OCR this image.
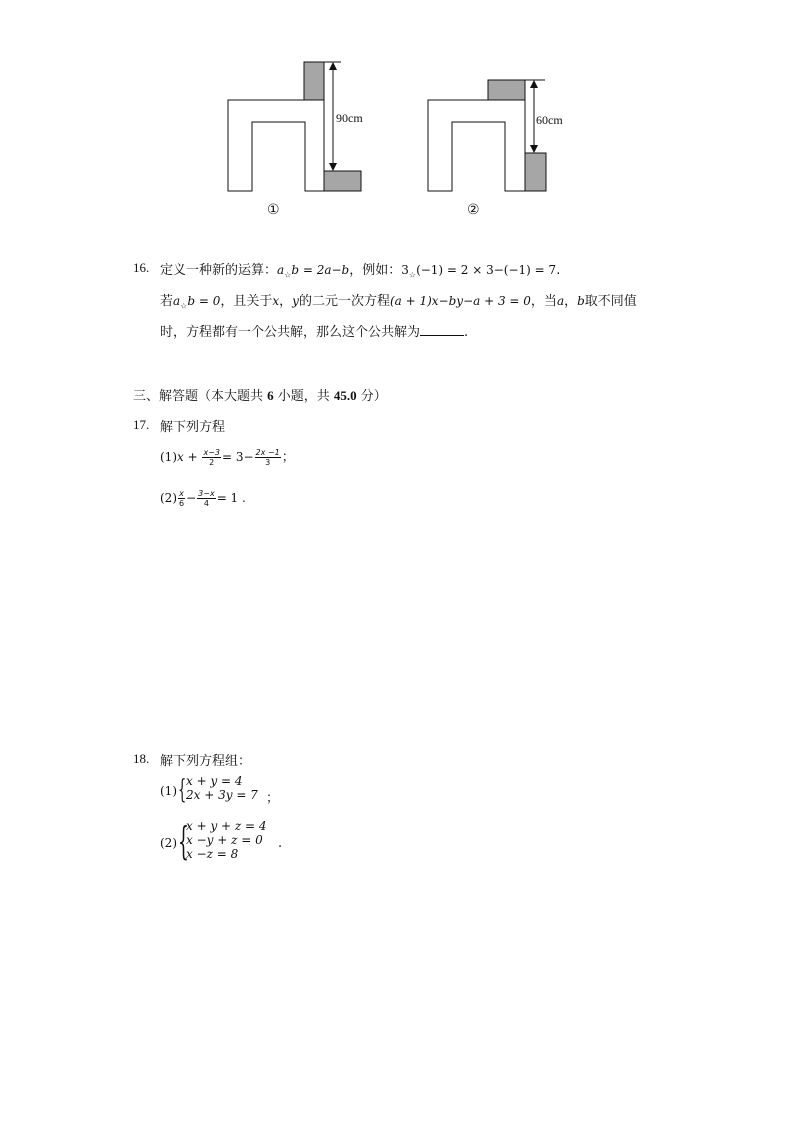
90cm	60cm
①	②
16. 定义一种新的运算：$a_☆b = 2a-b$，例如：$3_☆(-1) = 2 \times 3-(-1) = 7$.
若$a_☆b = 0$，且关于x，y的二元一次方程(a + 1)x−by−a + 3 = 0，当a，b取不同值
时，方程都有一个公共解，那么这个公共解为	.
三、解答题（本大题共 6 小题，共 45.0 分）
17. 解下列方程
$(1)x + \frac{x-3}{2} = 3- \frac{2x -1}{3}$ ；
$(2) \frac{x}{6} - \frac{3-x}{4} = 1$ .
18. 解下列方程组：
(1) { x + y = 4
2x + 3y = 7 ；
(2) {
x + y + z = 4
x −y + z = 0
x −z = 8
.
